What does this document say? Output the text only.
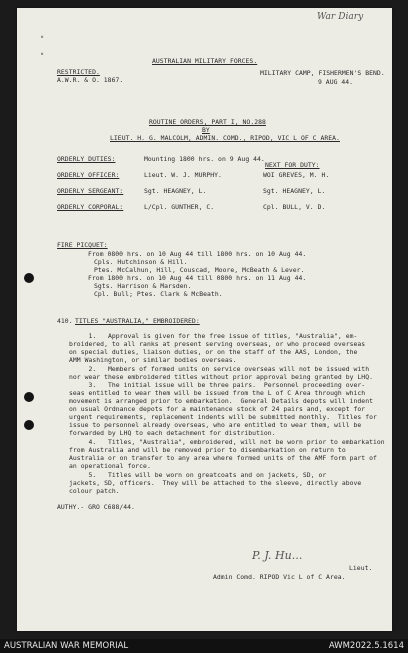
War Diary
˟
˟
AUSTRALIAN MILITARY FORCES.
RESTRICTED.
A.W.R. & O. 1867.
MILITARY CAMP, FISHERMEN'S BEND.
9 AUG 44.
ROUTINE ORDERS, PART I, NO.288
BY
LIEUT. H. G. MALCOLM, ADMIN. COMD., RIPOD, VIC L OF C AREA.
ORDERLY DUTIES:	Mounting 1800 hrs. on 9 Aug 44.
NEXT FOR DUTY:
ORDERLY OFFICER:	Lieut. W. J. MURPHY.	WOI GREVES, M. H.
ORDERLY SERGEANT:	Sgt. HEAGNEY, L.	Sgt. HEAGNEY, L.
ORDERLY CORPORAL:	L/Cpl. GUNTHER, C.	Cpl. BULL, V. D.
FIRE PICQUET:
From 0800 hrs. on 10 Aug 44 till 1800 hrs. on 10 Aug 44.
Cpls. Hutchinson & Hill.
Ptes. McCalhun, Hill, Couscad, Moore, McBeath & Lever.
From 1800 hrs. on 10 Aug 44 till 0800 hrs. on 11 Aug 44.
Sgts. Harrison & Marsden.
Cpl. Bull; Ptes. Clark & McBeath.
410. TITLES "AUSTRALIA," EMBROIDERED:
1.   Approval is given for the free issue of titles, "Australia", em-
broidered, to all ranks at present serving overseas, or who proceed overseas
on special duties, liaison duties, or on the staff of the AAS, London, the
AMM Washington, or similar bodies overseas.
2.   Members of formed units on service overseas will not be issued with
nor wear these embroidered titles without prior approval being granted by LHQ.
3.   The initial issue will be three pairs.  Personnel proceeding over-
seas entitled to wear them will be issued from the L of C Area through which
movement is arranged prior to embarkation.  General Details depots will indent
on usual Ordnance depots for a maintenance stock of 24 pairs and, except for
urgent requirements, replacement indents will be submitted monthly.  Titles for
issue to personnel already overseas, who are entitled to wear them, will be
forwarded by LHQ to each detachment for distribution.
4.   Titles, "Australia", embroidered, will not be worn prior to embarkation
from Australia and will be removed prior to disembarkation on return to
Australia or on transfer to any area where formed units of the AMF form part of
an operational force.
5.   Titles will be worn on greatcoats and on jackets, SD, or
jackets, SD, officers.  They will be attached to the sleeve, directly above
colour patch.
AUTHY.- GRO C688/44.
P. J. Hu...
Lieut.
Admin Comd. RIPOD Vic L of C Area.
AUSTRALIAN WAR MEMORIAL	AWM2022.5.1614
